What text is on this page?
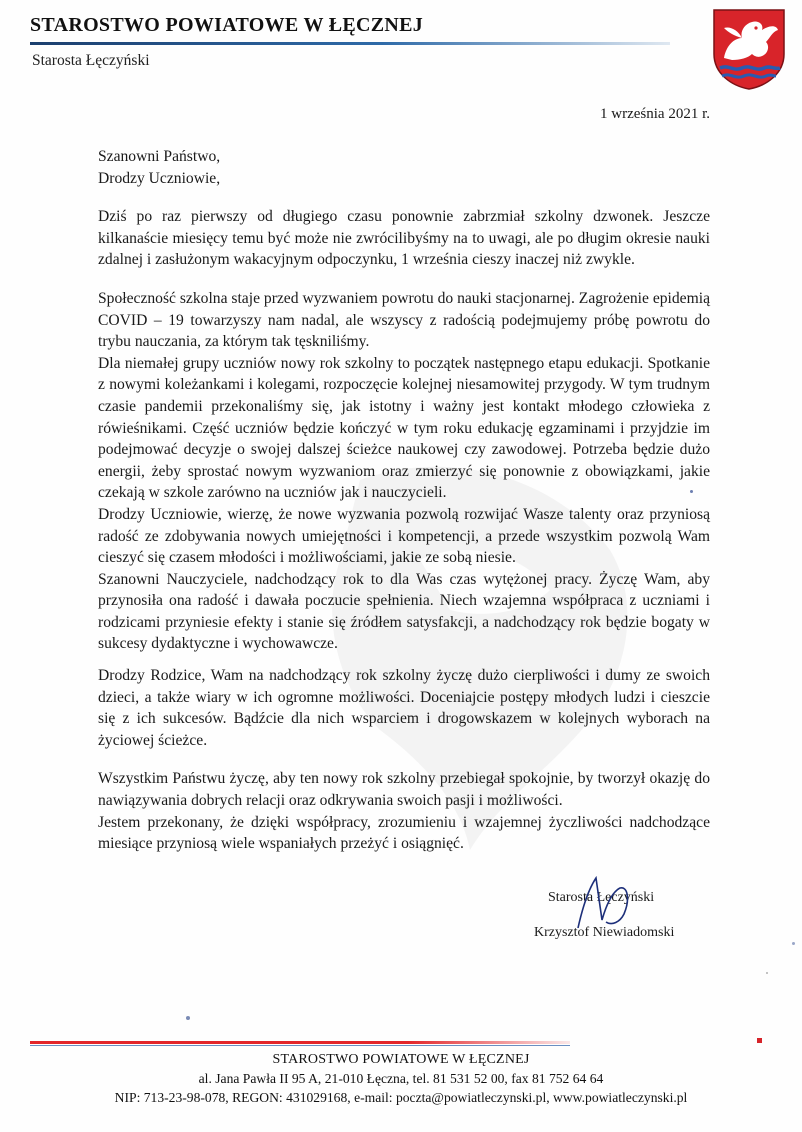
STAROSTWO POWIATOWE W ŁĘCZNEJ
Starosta Łęczyński
1 września 2021 r.

Szanowni Państwo,

Drodzy Uczniowie,

Dziś po raz pierwszy od długiego czasu ponownie zabrzmiał szkolny dzwonek. Jeszcze kilkanaście miesięcy temu być może nie zwrócilibyśmy na to uwagi, ale po długim okresie nauki zdalnej i zasłużonym wakacyjnym odpoczynku, 1 września cieszy inaczej niż zwykle.

Społeczność szkolna staje przed wyzwaniem powrotu do nauki stacjonarnej. Zagrożenie epidemią COVID – 19 towarzyszy nam nadal, ale wszyscy z radością podejmujemy próbę powrotu do trybu nauczania, za którym tak tęskniliśmy.

Dla niemałej grupy uczniów nowy rok szkolny to początek następnego etapu edukacji. Spotkanie z nowymi koleżankami i kolegami, rozpoczęcie kolejnej niesamowitej przygody. W tym trudnym czasie pandemii przekonaliśmy się, jak istotny i ważny jest kontakt młodego człowieka z rówieśnikami. Część uczniów będzie kończyć w tym roku edukację egzaminami i przyjdzie im podejmować decyzje o swojej dalszej ścieżce naukowej czy zawodowej. Potrzeba będzie dużo energii, żeby sprostać nowym wyzwaniom oraz zmierzyć się ponownie z obowiązkami, jakie czekają w szkole zarówno na uczniów jak i nauczycieli.

Drodzy Uczniowie, wierzę, że nowe wyzwania pozwolą rozwijać Wasze talenty oraz przyniosą radość ze zdobywania nowych umiejętności i kompetencji, a przede wszystkim pozwolą Wam cieszyć się czasem młodości i możliwościami, jakie ze sobą niesie.

Szanowni Nauczyciele, nadchodzący rok to dla Was czas wytężonej pracy. Życzę Wam, aby przynosiła ona radość i dawała poczucie spełnienia. Niech wzajemna współpraca z uczniami i rodzicami przyniesie efekty i stanie się źródłem satysfakcji, a nadchodzący rok będzie bogaty w sukcesy dydaktyczne i wychowawcze.

Drodzy Rodzice, Wam na nadchodzący rok szkolny życzę dużo cierpliwości i dumy ze swoich dzieci, a także wiary w ich ogromne możliwości. Doceniajcie postępy młodych ludzi i cieszcie się z ich sukcesów. Bądźcie dla nich wsparciem i drogowskazem w kolejnych wyborach na życiowej ścieżce.

Wszystkim Państwu życzę, aby ten nowy rok szkolny przebiegał spokojnie, by tworzył okazję do nawiązywania dobrych relacji oraz odkrywania swoich pasji i możliwości.

Jestem przekonany, że dzięki współpracy, zrozumieniu i wzajemnej życzliwości nadchodzące miesiące przyniosą wiele wspaniałych przeżyć i osiągnięć.

Starosta Łęczyński
Krzysztof Niewiadomski
STAROSTWO POWIATOWE W ŁĘCZNEJ
al. Jana Pawła II 95 A, 21-010 Łęczna, tel. 81 531 52 00, fax 81 752 64 64
NIP: 713-23-98-078, REGON: 431029168, e-mail: poczta@powiatleczynski.pl, www.powiatleczynski.pl
